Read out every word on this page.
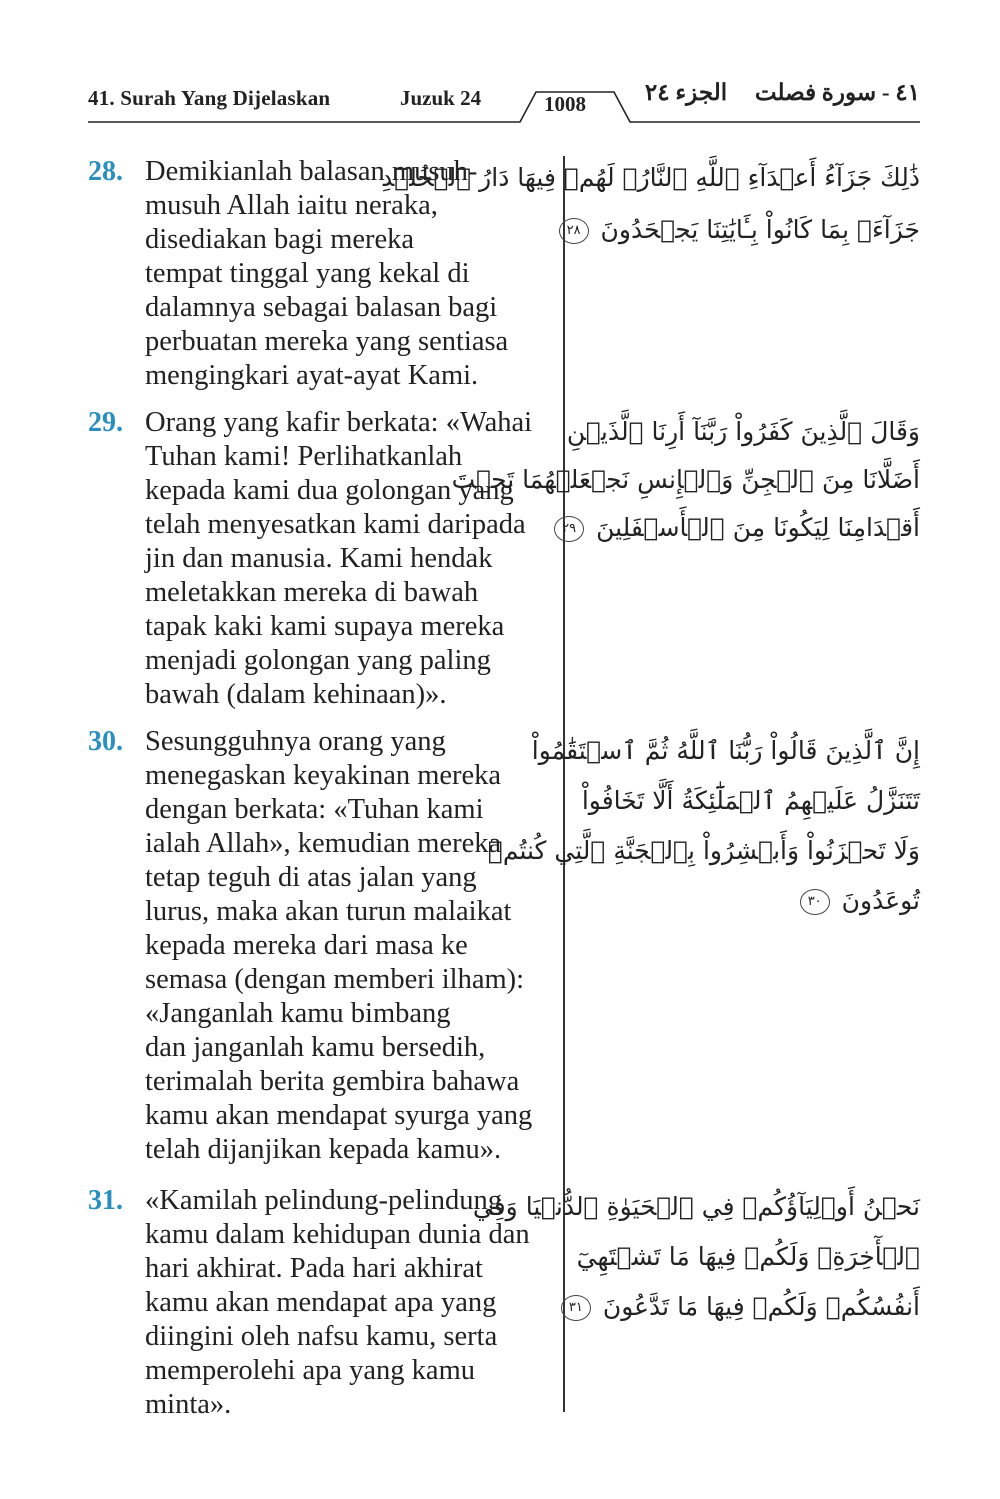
41. Surah Yang Dijelaskan	Juzuk 24	1008	الجزء ٢٤	٤١ - سورة فصلت
28. Demikianlah balasan musuh-
musuh Allah iaitu neraka,
disediakan bagi mereka
tempat tinggal yang kekal di
dalamnya sebagai balasan bagi
perbuatan mereka yang sentiasa
mengingkari ayat-ayat Kami.
ذَٰلِكَ جَزَآءُ أَعۡدَآءِ ٱللَّهِ ٱلنَّارُۖ لَهُمۡ فِيهَا دَارُ ٱلۡخُلۡدِ
جَزَآءَۢ بِمَا كَانُواْ بِـَٔايَٰتِنَا يَجۡحَدُونَ ٢٨
29. Orang yang kafir berkata: «Wahai
Tuhan kami! Perlihatkanlah
kepada kami dua golongan yang
telah menyesatkan kami daripada
jin dan manusia. Kami hendak
meletakkan mereka di bawah
tapak kaki kami supaya mereka
menjadi golongan yang paling
bawah (dalam kehinaan)».
وَقَالَ ٱلَّذِينَ كَفَرُواْ رَبَّنَآ أَرِنَا ٱلَّذَيۡنِ
أَضَلَّانَا مِنَ ٱلۡجِنِّ وَٱلۡإِنسِ نَجۡعَلۡهُمَا تَحۡتَ
أَقۡدَامِنَا لِيَكُونَا مِنَ ٱلۡأَسۡفَلِينَ ٢٩
30. Sesungguhnya orang yang
menegaskan keyakinan mereka
dengan berkata: «Tuhan kami
ialah Allah», kemudian mereka
tetap teguh di atas jalan yang
lurus, maka akan turun malaikat
kepada mereka dari masa ke
semasa (dengan memberi ilham):
«Janganlah kamu bimbang
dan janganlah kamu bersedih,
terimalah berita gembira bahawa
kamu akan mendapat syurga yang
telah dijanjikan kepada kamu».
إِنَّ ٱلَّذِينَ قَالُواْ رَبُّنَا ٱللَّهُ ثُمَّ ٱسۡتَقَٰمُواْ
تَتَنَزَّلُ عَلَيۡهِمُ ٱلۡمَلَٰٓئِكَةُ أَلَّا تَخَافُواْ
وَلَا تَحۡزَنُواْ وَأَبۡشِرُواْ بِٱلۡجَنَّةِ ٱلَّتِي كُنتُمۡ
تُوعَدُونَ ٣٠
31. «Kamilah pelindung-pelindung
kamu dalam kehidupan dunia dan
hari akhirat. Pada hari akhirat
kamu akan mendapat apa yang
diingini oleh nafsu kamu, serta
memperolehi apa yang kamu
minta».
نَحۡنُ أَوۡلِيَآؤُكُمۡ فِي ٱلۡحَيَوٰةِ ٱلدُّنۡيَا وَفِي
ٱلۡأٓخِرَةِۖ وَلَكُمۡ فِيهَا مَا تَشۡتَهِيٓ
أَنفُسُكُمۡ وَلَكُمۡ فِيهَا مَا تَدَّعُونَ ٣١
